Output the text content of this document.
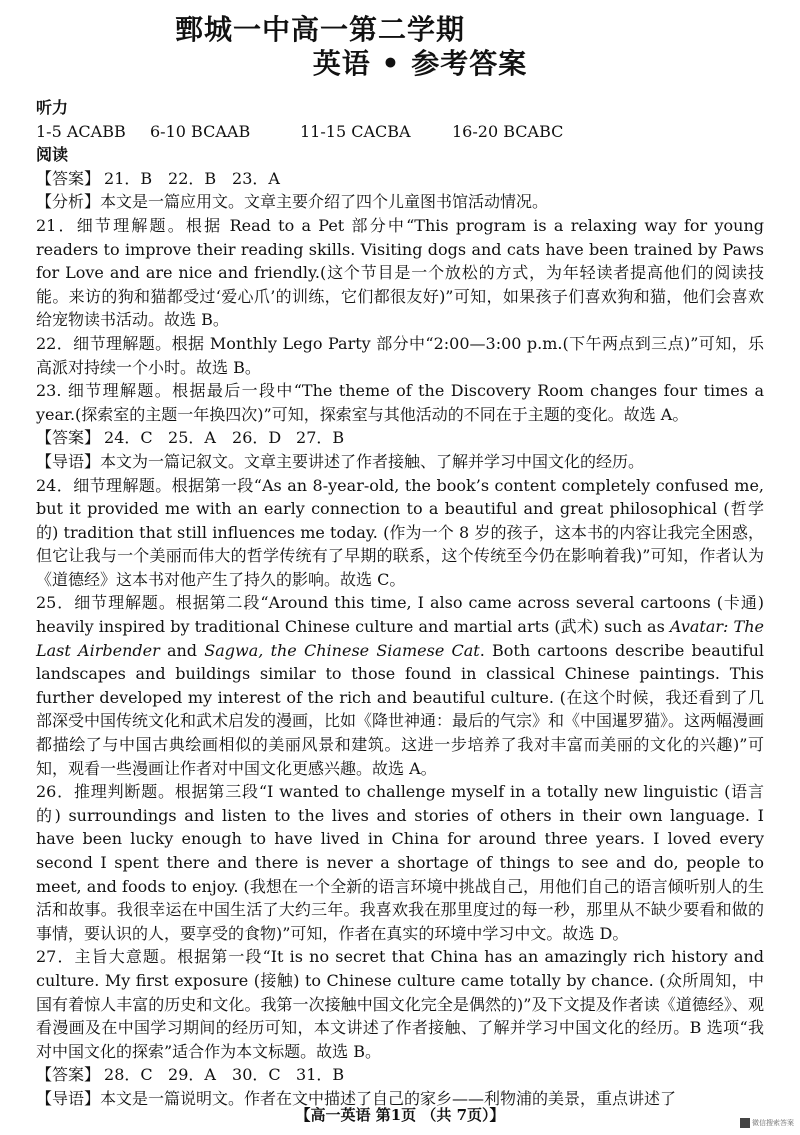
鄄城一中高一第二学期
英语 • 参考答案

听力

1-5 ACABB 6-10 BCAAB	11-15 CACBA	16-20 BCABC

阅读

【答案】 21．B 22．B 23．A

【分析】本文是一篇应用文。文章主要介绍了四个儿童图书馆活动情况。

21．细节理解题。根据 Read to a Pet 部分中“This program is a relaxing way for young readers to improve their reading skills. Visiting dogs and cats have been trained by Paws for Love and are nice and friendly.(这个节目是一个放松的方式，为年轻读者提高他们的阅读技能。来访的狗和猫都受过‘爱心爪’的训练，它们都很友好)”可知，如果孩子们喜欢狗和猫，他们会喜欢给宠物读书活动。故选 B。

22．细节理解题。根据 Monthly Lego Party 部分中“2:00—3:00 p.m.(下午两点到三点)”可知，乐高派对持续一个小时。故选 B。

23. 细节理解题。根据最后一段中“The theme of the Discovery Room changes four times a year.(探索室的主题一年换四次)”可知，探索室与其他活动的不同在于主题的变化。故选 A。

【答案】 24．C 25．A 26．D 27．B

【导语】本文为一篇记叙文。文章主要讲述了作者接触、了解并学习中国文化的经历。

24．细节理解题。根据第一段“As an 8-year-old, the book’s content completely confused me, but it provided me with an early connection to a beautiful and great philosophical (哲学的) tradition that still influences me today. (作为一个 8 岁的孩子，这本书的内容让我完全困惑，但它让我与一个美丽而伟大的哲学传统有了早期的联系，这个传统至今仍在影响着我)”可知，作者认为《道德经》这本书对他产生了持久的影响。故选 C。

25．细节理解题。根据第二段“Around this time, I also came across several cartoons (卡通) heavily inspired by traditional Chinese culture and martial arts (武术) such as Avatar: The Last Airbender and Sagwa, the Chinese Siamese Cat. Both cartoons describe beautiful landscapes and buildings similar to those found in classical Chinese paintings. This further developed my interest of the rich and beautiful culture. (在这个时候，我还看到了几部深受中国传统文化和武术启发的漫画，比如《降世神通：最后的气宗》和《中国暹罗猫》。这两幅漫画都描绘了与中国古典绘画相似的美丽风景和建筑。这进一步培养了我对丰富而美丽的文化的兴趣)”可知，观看一些漫画让作者对中国文化更感兴趣。故选 A。

26．推理判断题。根据第三段“I wanted to challenge myself in a totally new linguistic (语言的) surroundings and listen to the lives and stories of others in their own language. I have been lucky enough to have lived in China for around three years. I loved every second I spent there and there is never a shortage of things to see and do, people to meet, and foods to enjoy. (我想在一个全新的语言环境中挑战自己，用他们自己的语言倾听别人的生活和故事。我很幸运在中国生活了大约三年。我喜欢我在那里度过的每一秒，那里从不缺少要看和做的事情，要认识的人，要享受的食物)”可知，作者在真实的环境中学习中文。故选 D。

27．主旨大意题。根据第一段“It is no secret that China has an amazingly rich history and culture. My first exposure (接触) to Chinese culture came totally by chance. (众所周知，中国有着惊人丰富的历史和文化。我第一次接触中国文化完全是偶然的)”及下文提及作者读《道德经》、观看漫画及在中国学习期间的经历可知，本文讲述了作者接触、了解并学习中国文化的经历。B 选项“我对中国文化的探索”适合作为本文标题。故选 B。

【答案】 28．C 29．A 30．C 31．B

【导语】本文是一篇说明文。作者在文中描述了自己的家乡——利物浦的美景，重点讲述了

【高一英语 第1页 （共 7页）】	微信搜索答案
